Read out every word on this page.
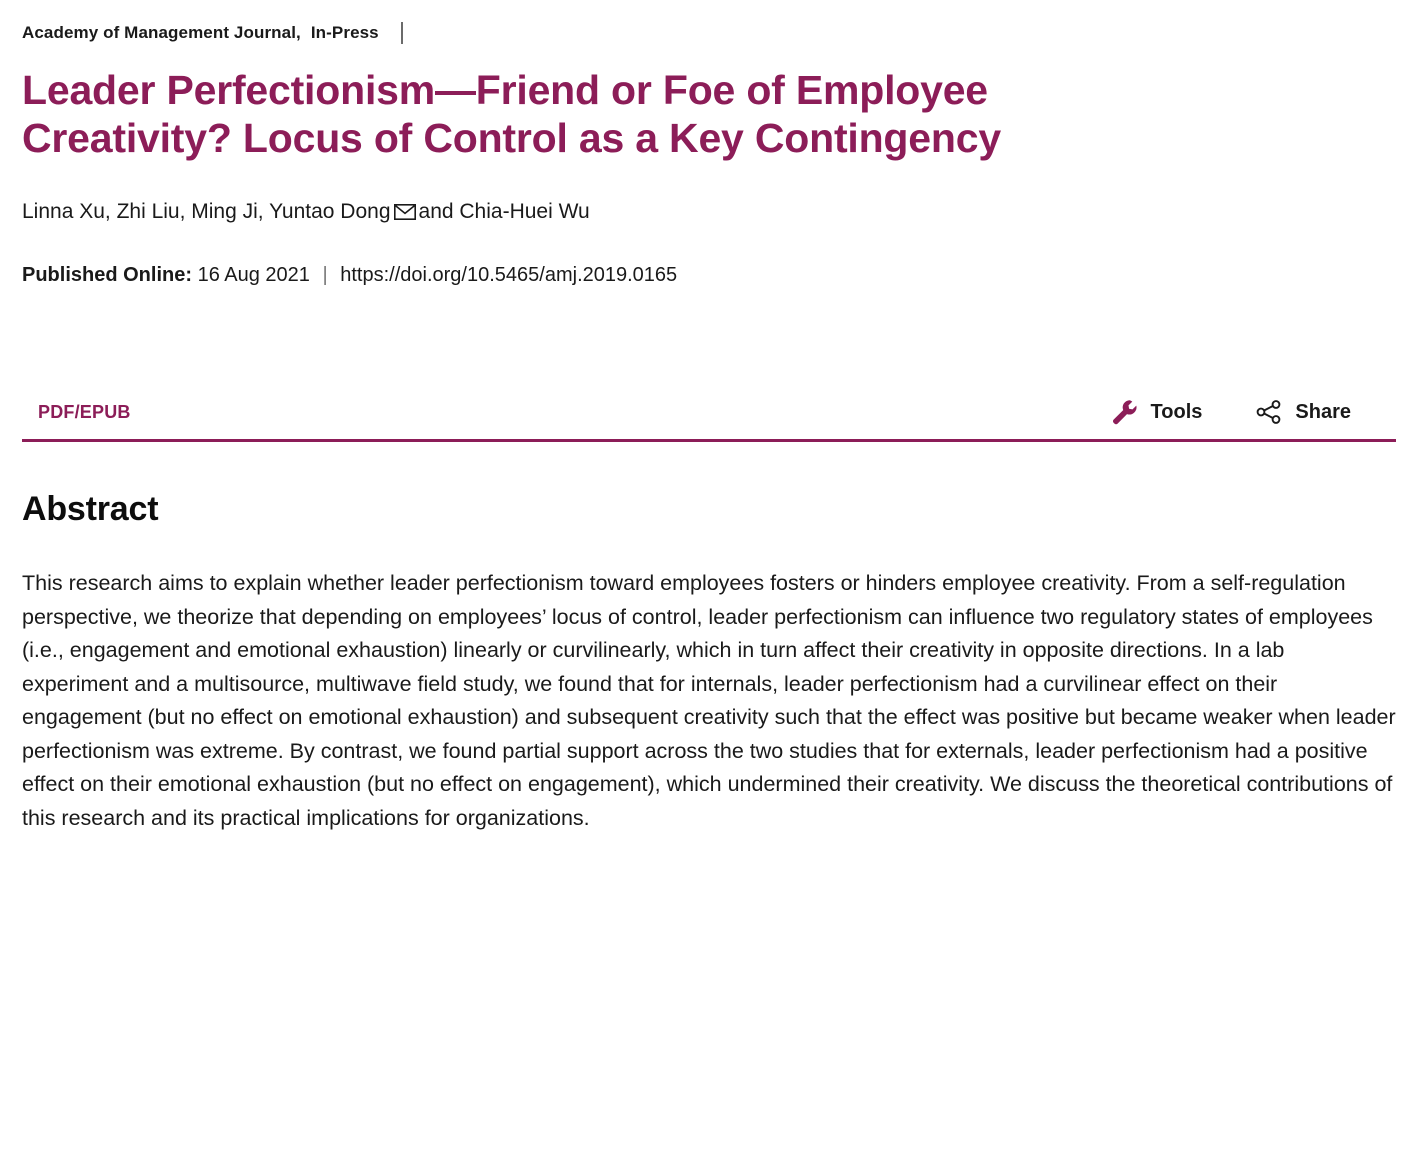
Academy of Management Journal, In-Press
Leader Perfectionism—Friend or Foe of Employee Creativity? Locus of Control as a Key Contingency
Linna Xu, Zhi Liu, Ming Ji, Yuntao Dong and Chia-Huei Wu
Published Online: 16 Aug 2021 | https://doi.org/10.5465/amj.2019.0165
PDF/EPUB	Tools	Share
Abstract

This research aims to explain whether leader perfectionism toward employees fosters or hinders employee creativity. From a self-regulation perspective, we theorize that depending on employees’ locus of control, leader perfectionism can influence two regulatory states of employees (i.e., engagement and emotional exhaustion) linearly or curvilinearly, which in turn affect their creativity in opposite directions. In a lab experiment and a multisource, multiwave field study, we found that for internals, leader perfectionism had a curvilinear effect on their engagement (but no effect on emotional exhaustion) and subsequent creativity such that the effect was positive but became weaker when leader perfectionism was extreme. By contrast, we found partial support across the two studies that for externals, leader perfectionism had a positive effect on their emotional exhaustion (but no effect on engagement), which undermined their creativity. We discuss the theoretical contributions of this research and its practical implications for organizations.
